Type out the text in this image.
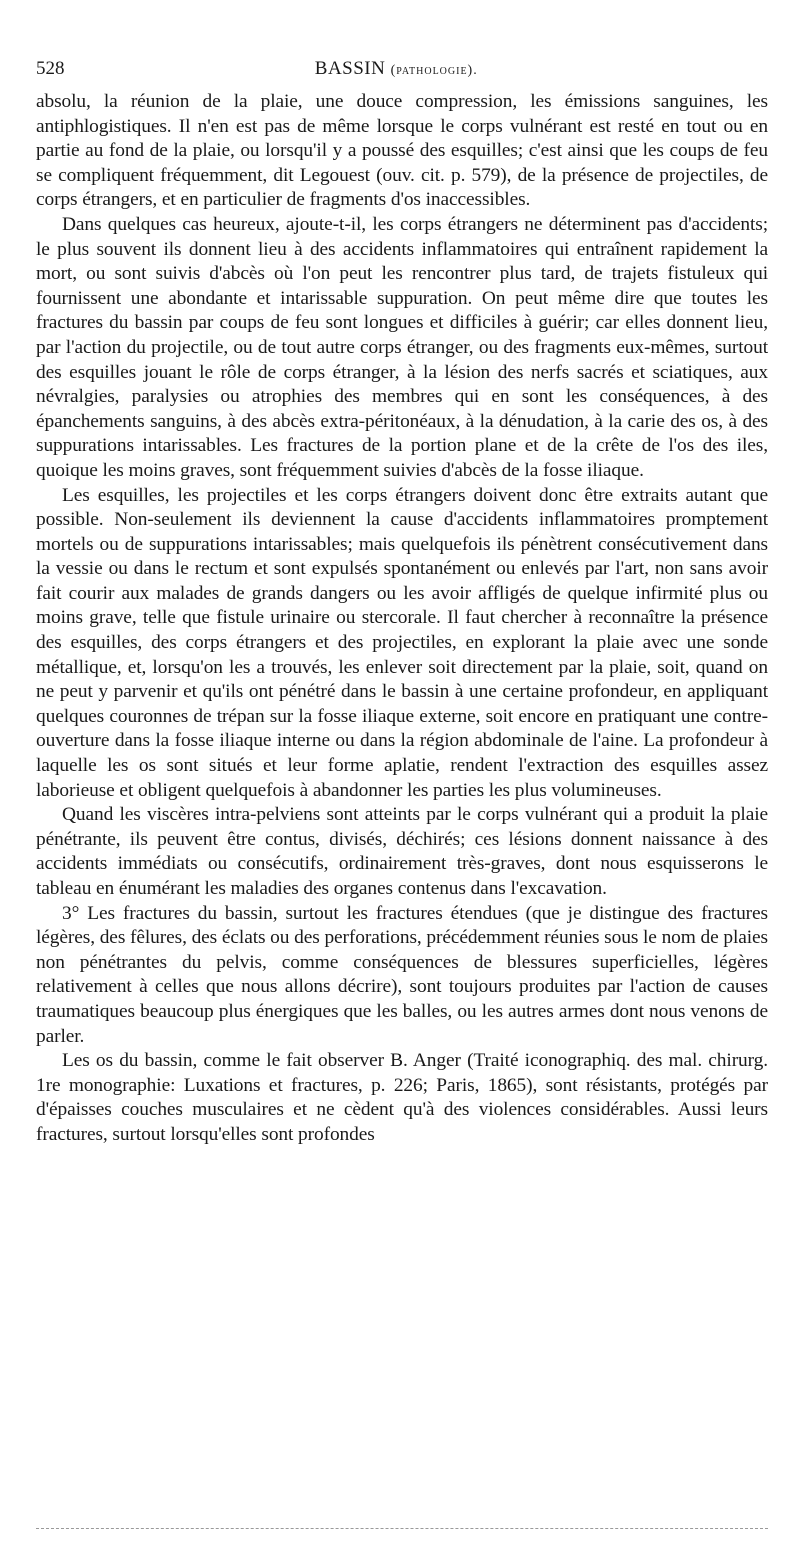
528	BASSIN (pathologie).

absolu, la réunion de la plaie, une douce compression, les émissions sanguines, les antiphlogistiques. Il n'en est pas de même lorsque le corps vulnérant est resté en tout ou en partie au fond de la plaie, ou lorsqu'il y a poussé des esquilles; c'est ainsi que les coups de feu se compliquent fréquemment, dit Legouest (ouv. cit. p. 579), de la présence de projectiles, de corps étrangers, et en particulier de fragments d'os inaccessibles.

Dans quelques cas heureux, ajoute-t-il, les corps étrangers ne déterminent pas d'accidents; le plus souvent ils donnent lieu à des accidents inflammatoires qui entraînent rapidement la mort, ou sont suivis d'abcès où l'on peut les rencontrer plus tard, de trajets fistuleux qui fournissent une abondante et intarissable suppuration. On peut même dire que toutes les fractures du bassin par coups de feu sont longues et difficiles à guérir; car elles donnent lieu, par l'action du projectile, ou de tout autre corps étranger, ou des fragments eux-mêmes, surtout des esquilles jouant le rôle de corps étranger, à la lésion des nerfs sacrés et sciatiques, aux névralgies, paralysies ou atrophies des membres qui en sont les conséquences, à des épanchements sanguins, à des abcès extra-péritonéaux, à la dénudation, à la carie des os, à des suppurations intarissables. Les fractures de la portion plane et de la crête de l'os des iles, quoique les moins graves, sont fréquemment suivies d'abcès de la fosse iliaque.

Les esquilles, les projectiles et les corps étrangers doivent donc être extraits autant que possible. Non-seulement ils deviennent la cause d'accidents inflammatoires promptement mortels ou de suppurations intarissables; mais quelquefois ils pénètrent consécutivement dans la vessie ou dans le rectum et sont expulsés spontanément ou enlevés par l'art, non sans avoir fait courir aux malades de grands dangers ou les avoir affligés de quelque infirmité plus ou moins grave, telle que fistule urinaire ou stercorale. Il faut chercher à reconnaître la présence des esquilles, des corps étrangers et des projectiles, en explorant la plaie avec une sonde métallique, et, lorsqu'on les a trouvés, les enlever soit directement par la plaie, soit, quand on ne peut y parvenir et qu'ils ont pénétré dans le bassin à une certaine profondeur, en appliquant quelques couronnes de trépan sur la fosse iliaque externe, soit encore en pratiquant une contre-ouverture dans la fosse iliaque interne ou dans la région abdominale de l'aine. La profondeur à laquelle les os sont situés et leur forme aplatie, rendent l'extraction des esquilles assez laborieuse et obligent quelquefois à abandonner les parties les plus volumineuses.

Quand les viscères intra-pelviens sont atteints par le corps vulnérant qui a produit la plaie pénétrante, ils peuvent être contus, divisés, déchirés; ces lésions donnent naissance à des accidents immédiats ou consécutifs, ordinairement très-graves, dont nous esquisserons le tableau en énumérant les maladies des organes contenus dans l'excavation.

3° Les fractures du bassin, surtout les fractures étendues (que je distingue des fractures légères, des fêlures, des éclats ou des perforations, précédemment réunies sous le nom de plaies non pénétrantes du pelvis, comme conséquences de blessures superficielles, légères relativement à celles que nous allons décrire), sont toujours produites par l'action de causes traumatiques beaucoup plus énergiques que les balles, ou les autres armes dont nous venons de parler.

Les os du bassin, comme le fait observer B. Anger (Traité iconographiq. des mal. chirurg. 1re monographie: Luxations et fractures, p. 226; Paris, 1865), sont résistants, protégés par d'épaisses couches musculaires et ne cèdent qu'à des violences considérables. Aussi leurs fractures, surtout lorsqu'elles sont profondes
